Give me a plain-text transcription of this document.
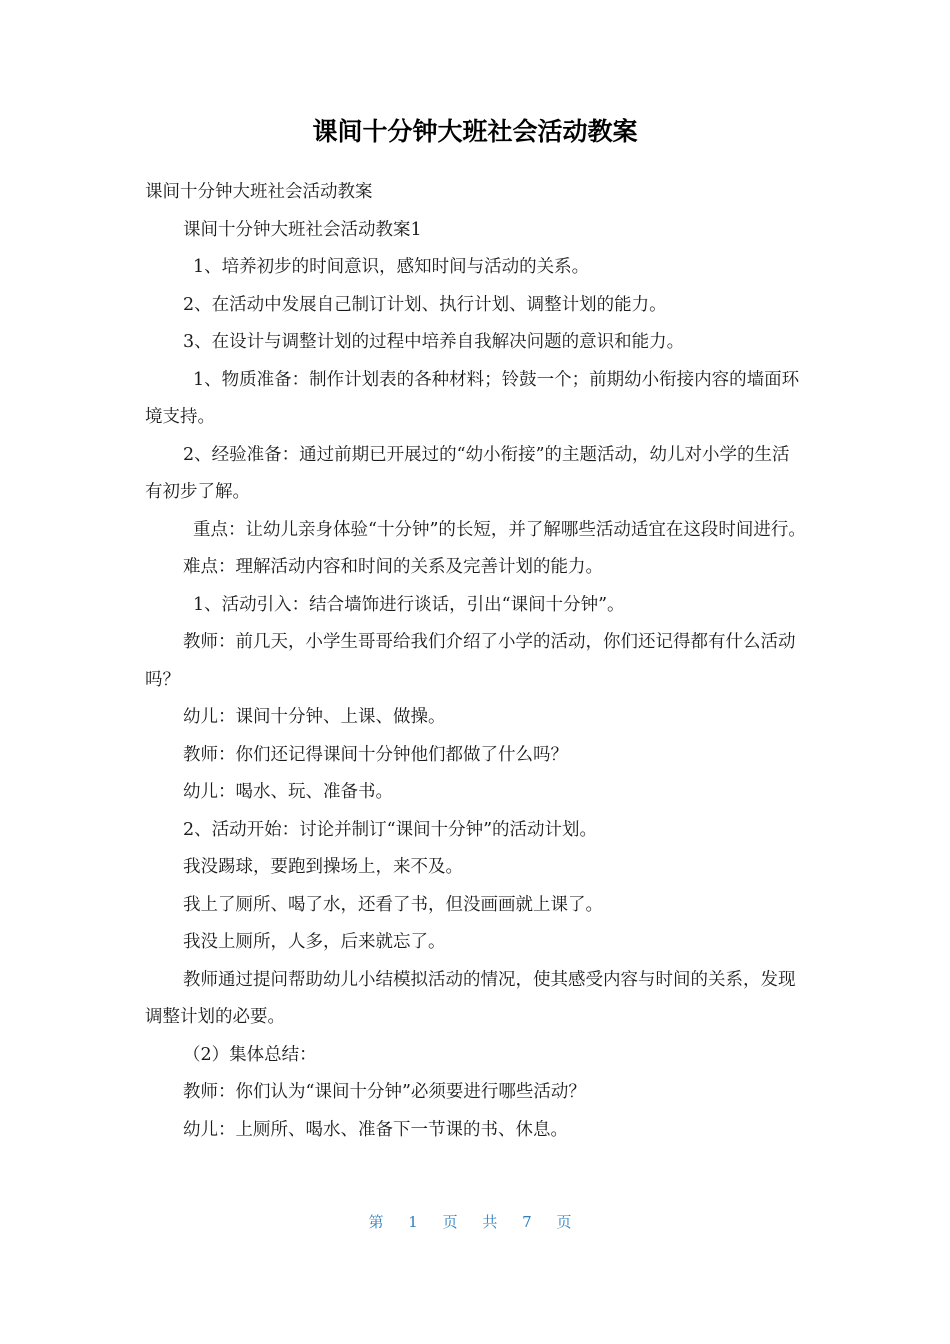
课间十分钟大班社会活动教案

课间十分钟大班社会活动教案

课间十分钟大班社会活动教案1

1、培养初步的时间意识，感知时间与活动的关系。

2、在活动中发展自己制订计划、执行计划、调整计划的能力。

3、在设计与调整计划的过程中培养自我解决问题的意识和能力。

1、物质准备：制作计划表的各种材料；铃鼓一个；前期幼小衔接内容的墙面环境支持。

2、经验准备：通过前期已开展过的“幼小衔接”的主题活动，幼儿对小学的生活有初步了解。

重点：让幼儿亲身体验“十分钟”的长短，并了解哪些活动适宜在这段时间进行。

难点：理解活动内容和时间的关系及完善计划的能力。

1、活动引入：结合墙饰进行谈话，引出“课间十分钟”。

教师：前几天，小学生哥哥给我们介绍了小学的活动，你们还记得都有什么活动吗？

幼儿：课间十分钟、上课、做操。

教师：你们还记得课间十分钟他们都做了什么吗？

幼儿：喝水、玩、准备书。

2、活动开始：讨论并制订“课间十分钟”的活动计划。

我没踢球，要跑到操场上，来不及。

我上了厕所、喝了水，还看了书，但没画画就上课了。

我没上厕所，人多，后来就忘了。

教师通过提问帮助幼儿小结模拟活动的情况，使其感受内容与时间的关系，发现调整计划的必要。

（2）集体总结：

教师：你们认为“课间十分钟”必须要进行哪些活动？

幼儿：上厕所、喝水、准备下一节课的书、休息。

第 1 页 共 7 页
